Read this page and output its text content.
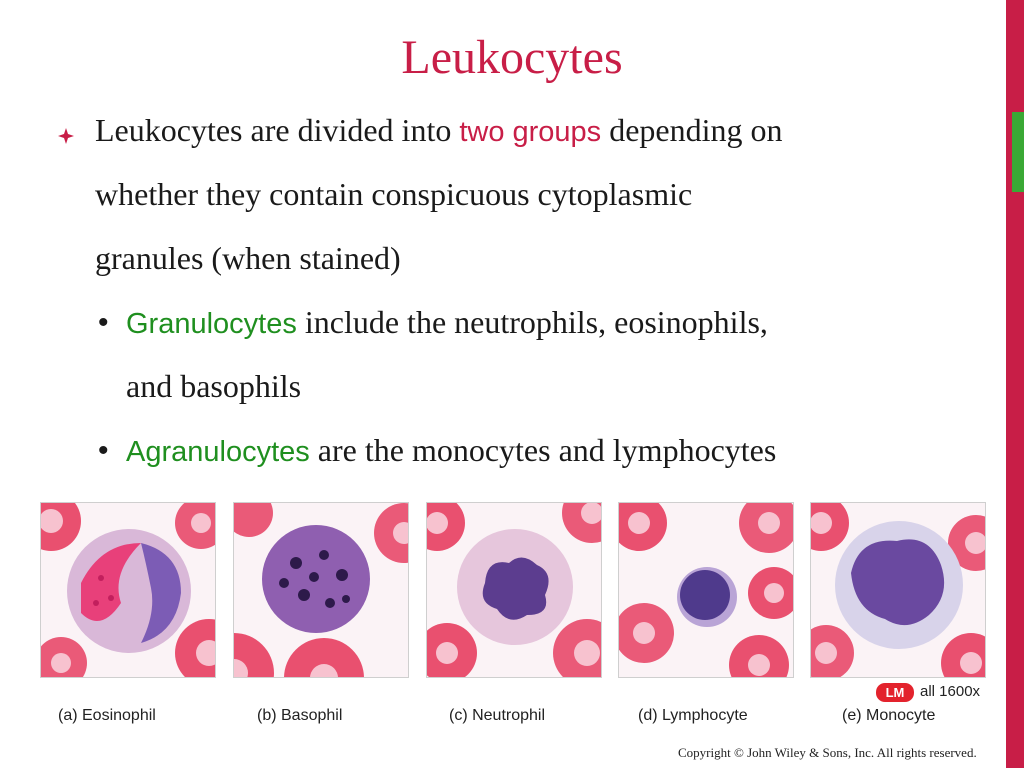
Leukocytes
Leukocytes are divided into two groups depending on
whether they contain conspicuous cytoplasmic
granules (when stained)
• Granulocytes include the neutrophils, eosinophils,
and basophils
• Agranulocytes are the monocytes and lymphocytes
(a) Eosinophil	(b) Basophil	(c) Neutrophil	(d) Lymphocyte	(e) Monocyte
LM	all 1600x
Copyright © John Wiley & Sons, Inc. All rights reserved.
